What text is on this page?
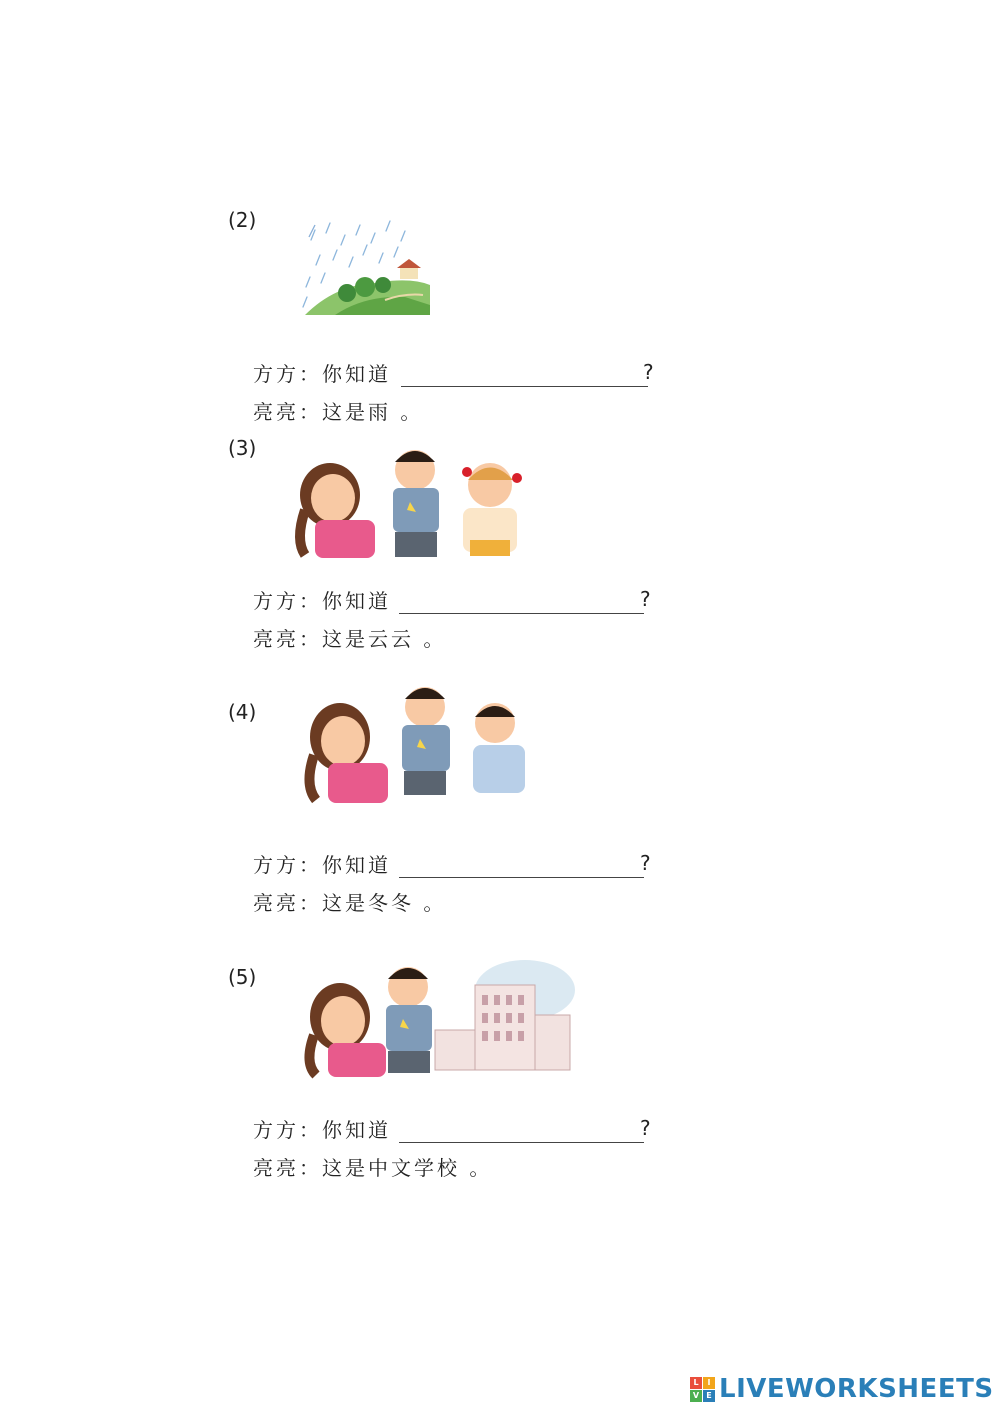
(2)
方方：你知道	?
亮亮：这是雨 。
(3)
方方：你知道	?
亮亮：这是云云 。
(4)
方方：你知道	?
亮亮：这是冬冬 。
(5)
方方：你知道	?
亮亮：这是中文学校 。
L	I
V E LIVEWORKSHEETS
